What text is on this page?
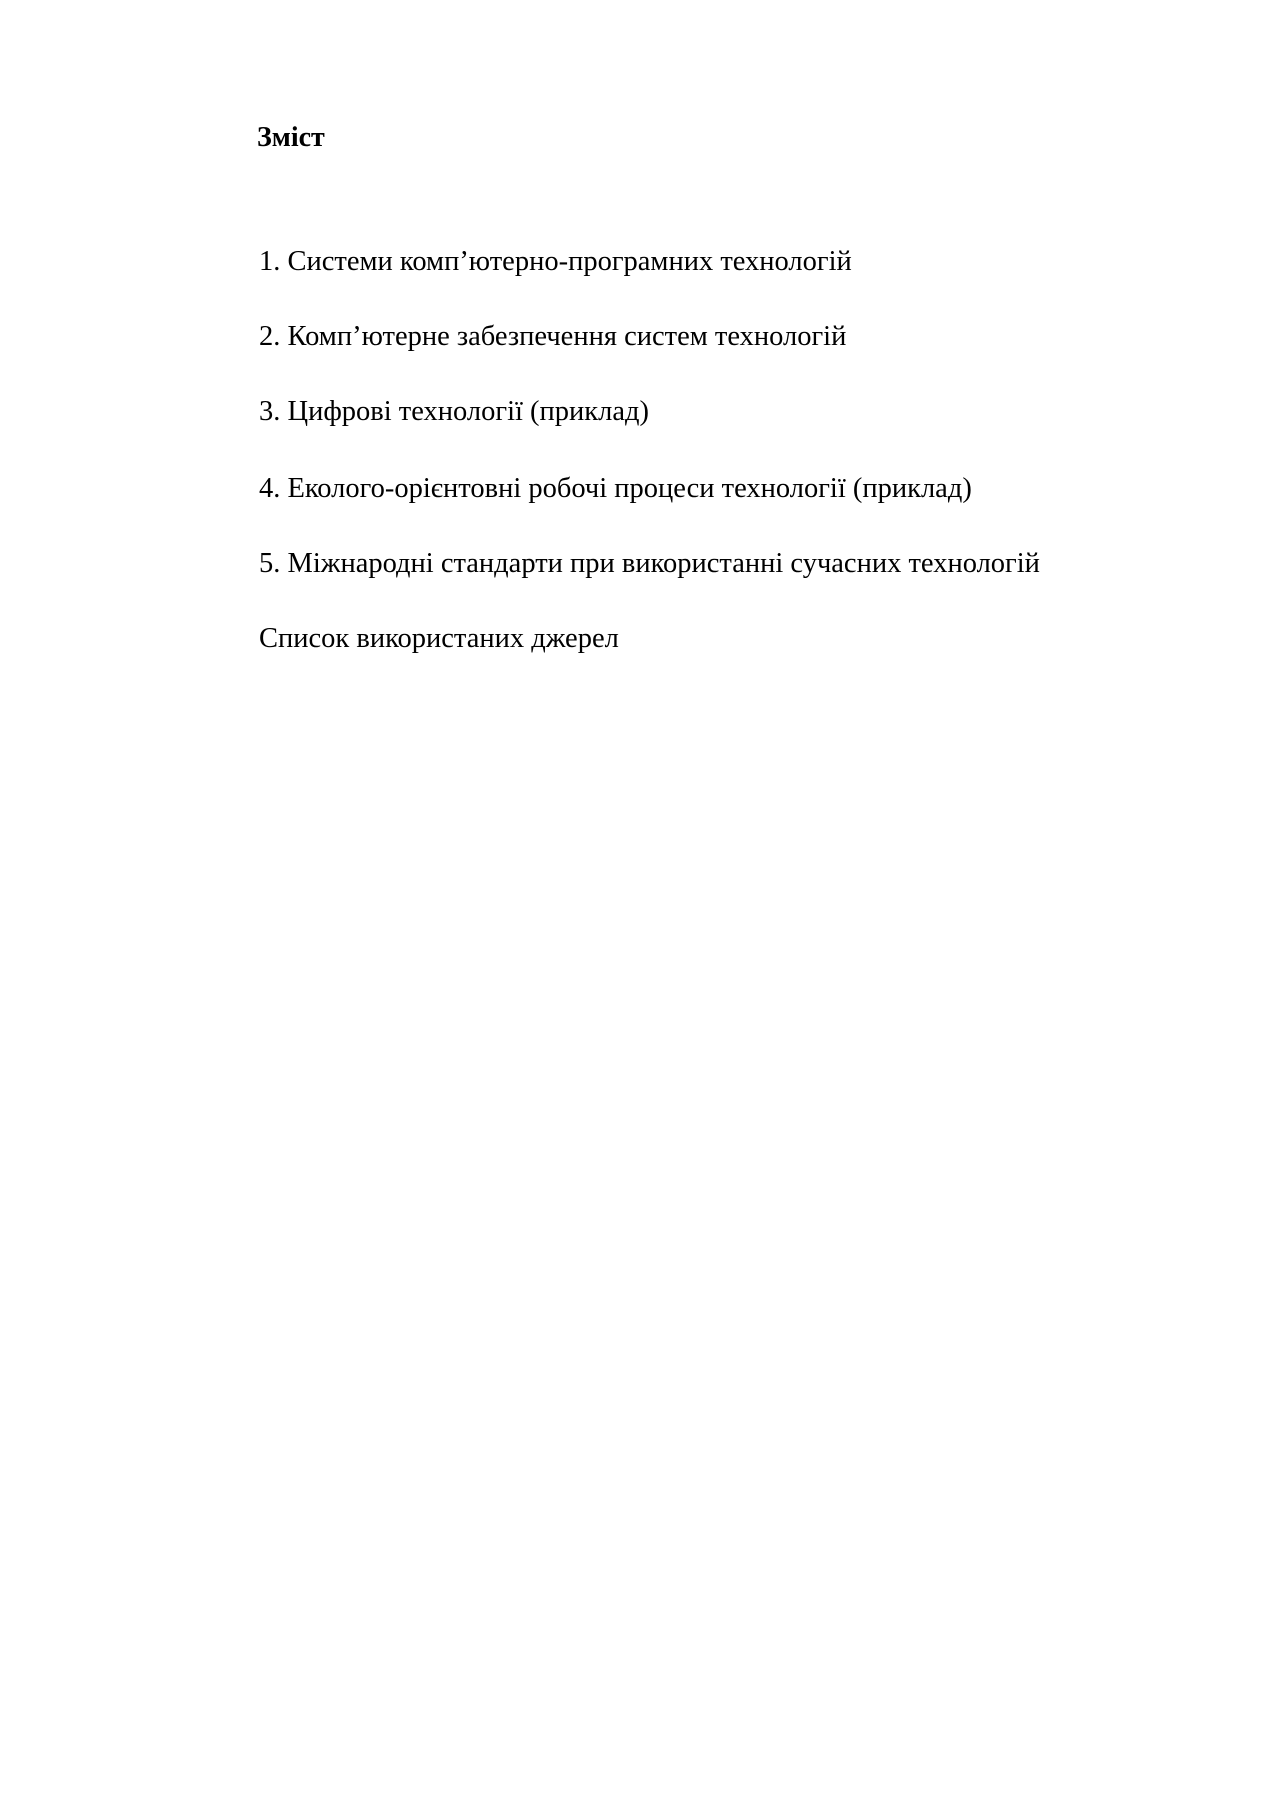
Зміст
1. Системи комп’ютерно-програмних технологій
2. Комп’ютерне забезпечення систем технологій
3. Цифрові технології (приклад)
4. Еколого-орієнтовні робочі процеси технології (приклад)
5. Міжнародні стандарти при використанні сучасних технологій
Список використаних джерел
